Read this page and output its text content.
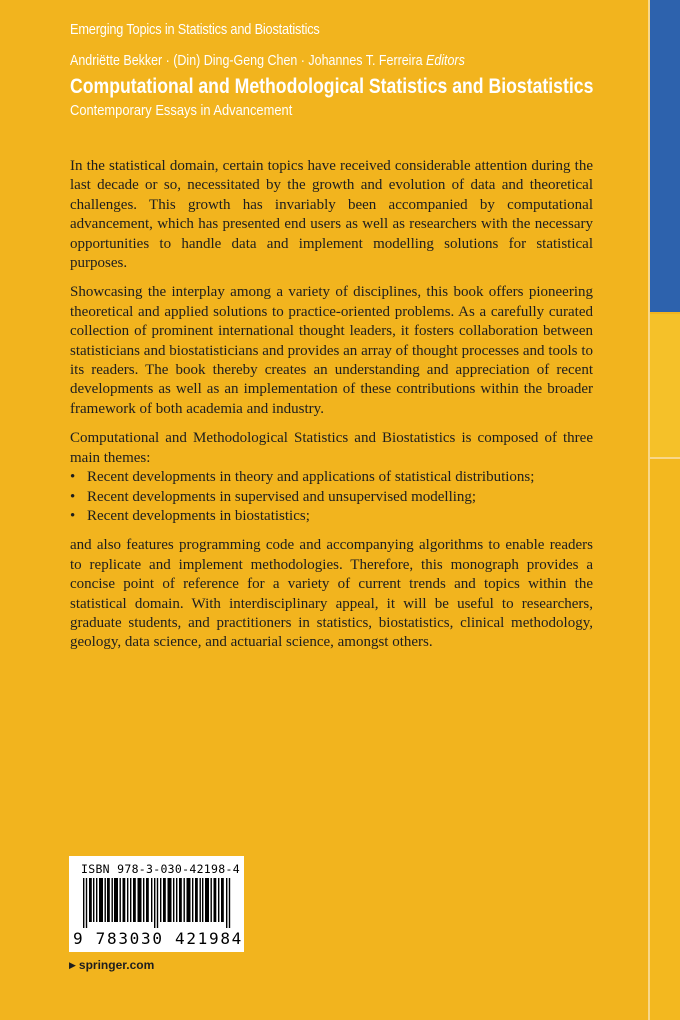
Emerging Topics in Statistics and Biostatistics
Andriëtte Bekker · (Din) Ding-Geng Chen · Johannes T. Ferreira Editors
Computational and Methodological Statistics and Biostatistics
Contemporary Essays in Advancement

In the statistical domain, certain topics have received considerable attention during the last decade or so, necessitated by the growth and evolution of data and theoretical challenges. This growth has invariably been accompanied by computational advancement, which has presented end users as well as researchers with the necessary opportunities to handle data and implement modelling solutions for statistical purposes.

Showcasing the interplay among a variety of disciplines, this book offers pioneering theoretical and applied solutions to practice-oriented problems. As a carefully curated collection of prominent international thought leaders, it fosters collaboration between statisticians and biostatisticians and provides an array of thought processes and tools to its readers. The book thereby creates an understanding and appreciation of recent developments as well as an implementation of these contributions within the broader framework of both academia and industry.

Computational and Methodological Statistics and Biostatistics is composed of three main themes:

• Recent developments in theory and applications of statistical distributions;
• Recent developments in supervised and unsupervised modelling;
• Recent developments in biostatistics;

and also features programming code and accompanying algorithms to enable readers to replicate and implement methodologies. Therefore, this monograph provides a concise point of reference for a variety of current trends and topics within the statistical domain. With interdisciplinary appeal, it will be useful to researchers, graduate students, and practitioners in statistics, biostatistics, clinical methodology, geology, data science, and actuarial science, amongst others.

ISBN 978-3-030-42198-4
9 783030 421984
▶ springer.com
